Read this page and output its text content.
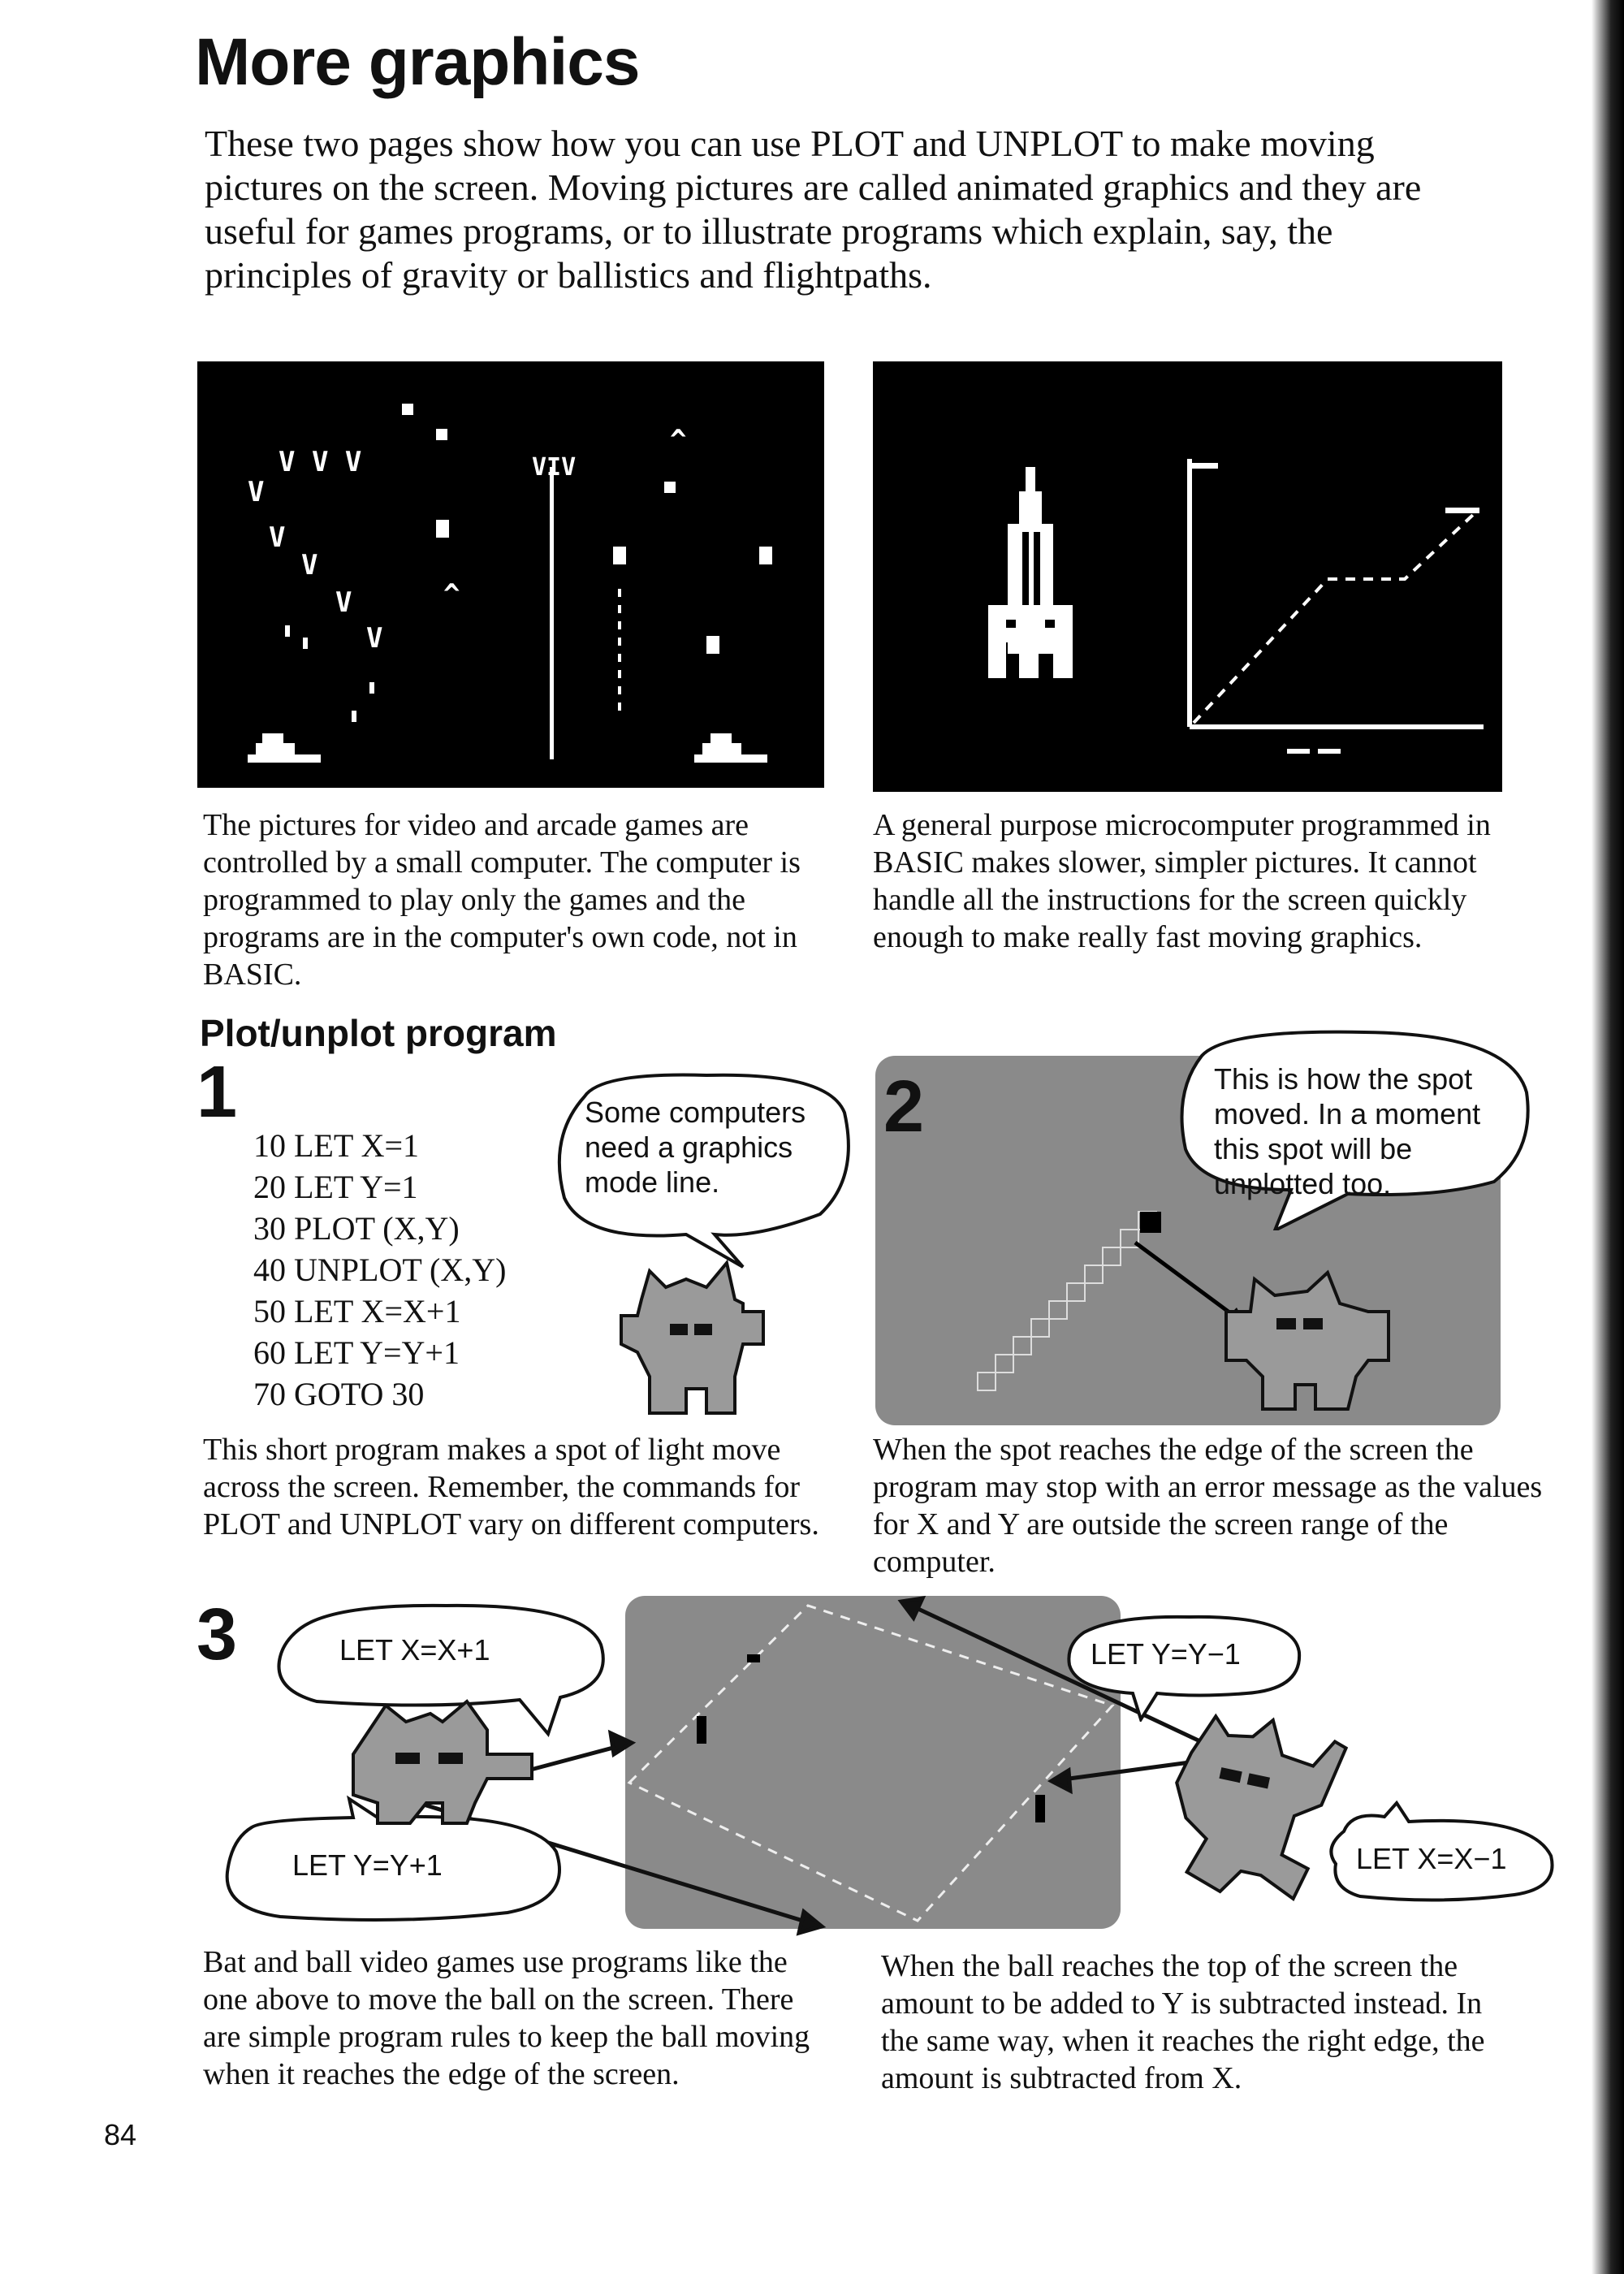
More graphics
These two pages show how you can use PLOT and UNPLOT to make moving pictures on the screen. Moving pictures are called animated graphics and they are useful for games programs, or to illustrate programs which explain, say, the principles of gravity or ballistics and flightpaths.
V V V
V
V
V
V
V
VIV
^
^
The pictures for video and arcade games are controlled by a small computer. The computer is programmed to play only the games and the programs are in the computer's own code, not in BASIC.
A general purpose microcomputer programmed in BASIC makes slower, simpler pictures. It cannot handle all the instructions for the screen quickly enough to make really fast moving graphics.
Plot/unplot program
1
10 LET X=1
20 LET Y=1
30 PLOT (X,Y)
40 UNPLOT (X,Y)
50 LET X=X+1
60 LET Y=Y+1
70 GOTO 30
Some computers need a graphics mode line.
2	This is how the spot moved. In a moment this spot will be unplotted too.
This short program makes a spot of light move across the screen. Remember, the commands for PLOT and UNPLOT vary on different computers.
When the spot reaches the edge of the screen the program may stop with an error message as the values for X and Y are outside the screen range of the computer.
3	LET X=X+1
LET Y=Y+1
LET Y=Y−1
LET X=X−1
Bat and ball video games use programs like the one above to move the ball on the screen. There are simple program rules to keep the ball moving when it reaches the edge of the screen.
When the ball reaches the top of the screen the amount to be added to Y is subtracted instead. In the same way, when it reaches the right edge, the amount is subtracted from X.
84
